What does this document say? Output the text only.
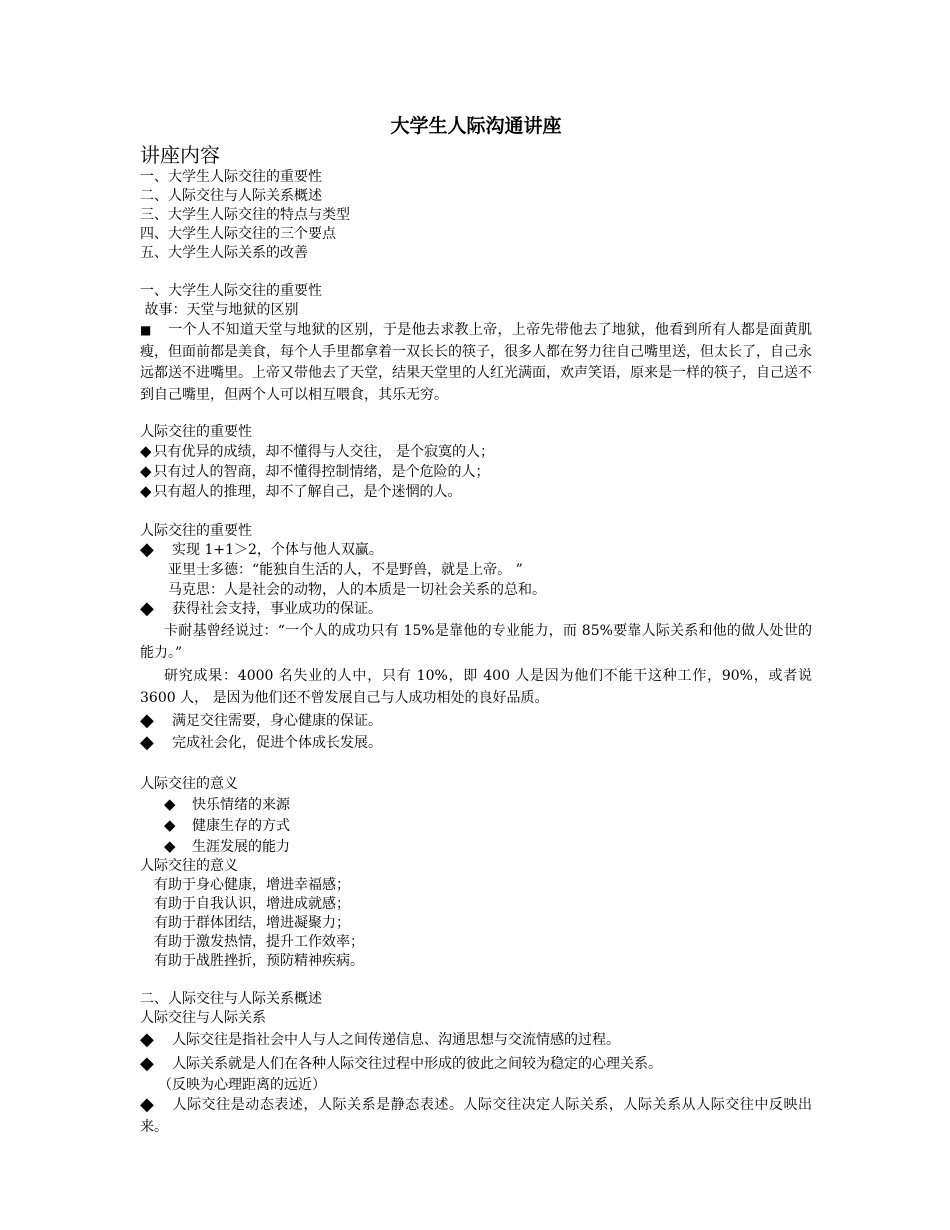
大学生人际沟通讲座
讲座内容
一、大学生人际交往的重要性
二、人际交往与人际关系概述
三、大学生人际交往的特点与类型
四、大学生人际交往的三个要点
五、大学生人际关系的改善
一、大学生人际交往的重要性
故事：天堂与地狱的区别
■ 一个人不知道天堂与地狱的区别，于是他去求教上帝，上帝先带他去了地狱，他看到所有人都是面黄肌瘦，但面前都是美食，每个人手里都拿着一双长长的筷子，很多人都在努力往自己嘴里送，但太长了，自己永远都送不进嘴里。上帝又带他去了天堂，结果天堂里的人红光满面，欢声笑语，原来是一样的筷子，自己送不到自己嘴里，但两个人可以相互喂食，其乐无穷。
人际交往的重要性
◆ 只有优异的成绩，却不懂得与人交往， 是个寂寞的人；
◆ 只有过人的智商，却不懂得控制情绪，是个危险的人；
◆ 只有超人的推理，却不了解自己，是个迷惘的人。
人际交往的重要性
◆ 实现 1+1＞2，个体与他人双赢。
亚里士多德：“能独自生活的人，不是野兽，就是上帝。 ”
马克思：人是社会的动物，人的本质是一切社会关系的总和。
◆ 获得社会支持，事业成功的保证。
卡耐基曾经说过：“一个人的成功只有 15%是靠他的专业能力，而 85%要靠人际关系和他的做人处世的能力。”
研究成果：4000 名失业的人中，只有 10%，即 400 人是因为他们不能干这种工作，90%，或者说 3600 人， 是因为他们还不曾发展自己与人成功相处的良好品质。
◆ 满足交往需要，身心健康的保证。
◆ 完成社会化，促进个体成长发展。
人际交往的意义
◆ 快乐情绪的来源
◆ 健康生存的方式
◆ 生涯发展的能力
人际交往的意义
有助于身心健康，增进幸福感；
有助于自我认识，增进成就感；
有助于群体团结，增进凝聚力；
有助于激发热情，提升工作效率；
有助于战胜挫折，预防精神疾病。
二、人际交往与人际关系概述
人际交往与人际关系
◆ 人际交往是指社会中人与人之间传递信息、沟通思想与交流情感的过程。
◆ 人际关系就是人们在各种人际交往过程中形成的彼此之间较为稳定的心理关系。
（反映为心理距离的远近）
◆ 人际交往是动态表述，人际关系是静态表述。人际交往决定人际关系，人际关系从人际交往中反映出来。
